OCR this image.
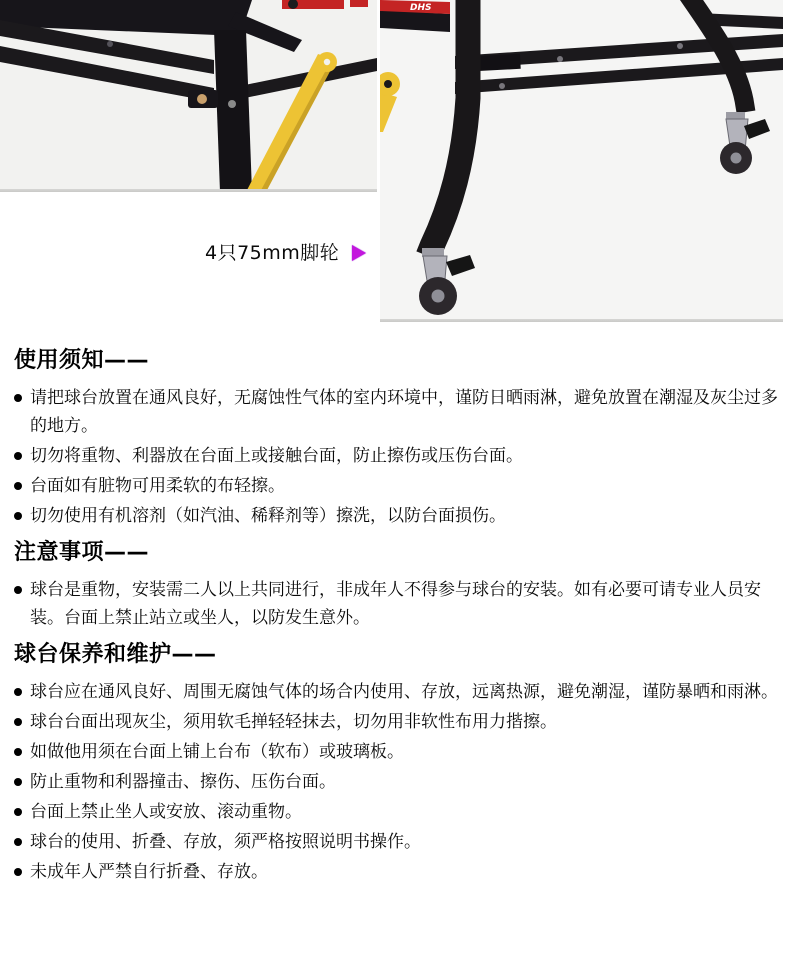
DHS
4只75mm脚轮
使用须知——
请把球台放置在通风良好，无腐蚀性气体的室内环境中，谨防日晒雨淋，避免放置在潮湿及灰尘过多的地方。
切勿将重物、利器放在台面上或接触台面，防止擦伤或压伤台面。
台面如有脏物可用柔软的布轻擦。
切勿使用有机溶剂（如汽油、稀释剂等）擦洗，以防台面损伤。
注意事项——
球台是重物，安装需二人以上共同进行，非成年人不得参与球台的安装。如有必要可请专业人员安装。台面上禁止站立或坐人，以防发生意外。
球台保养和维护——
球台应在通风良好、周围无腐蚀气体的场合内使用、存放，远离热源，避免潮湿，谨防暴晒和雨淋。
球台台面出现灰尘，须用软毛掸轻轻抹去，切勿用非软性布用力揩擦。
如做他用须在台面上铺上台布（软布）或玻璃板。
防止重物和利器撞击、擦伤、压伤台面。
台面上禁止坐人或安放、滚动重物。
球台的使用、折叠、存放，须严格按照说明书操作。
未成年人严禁自行折叠、存放。
